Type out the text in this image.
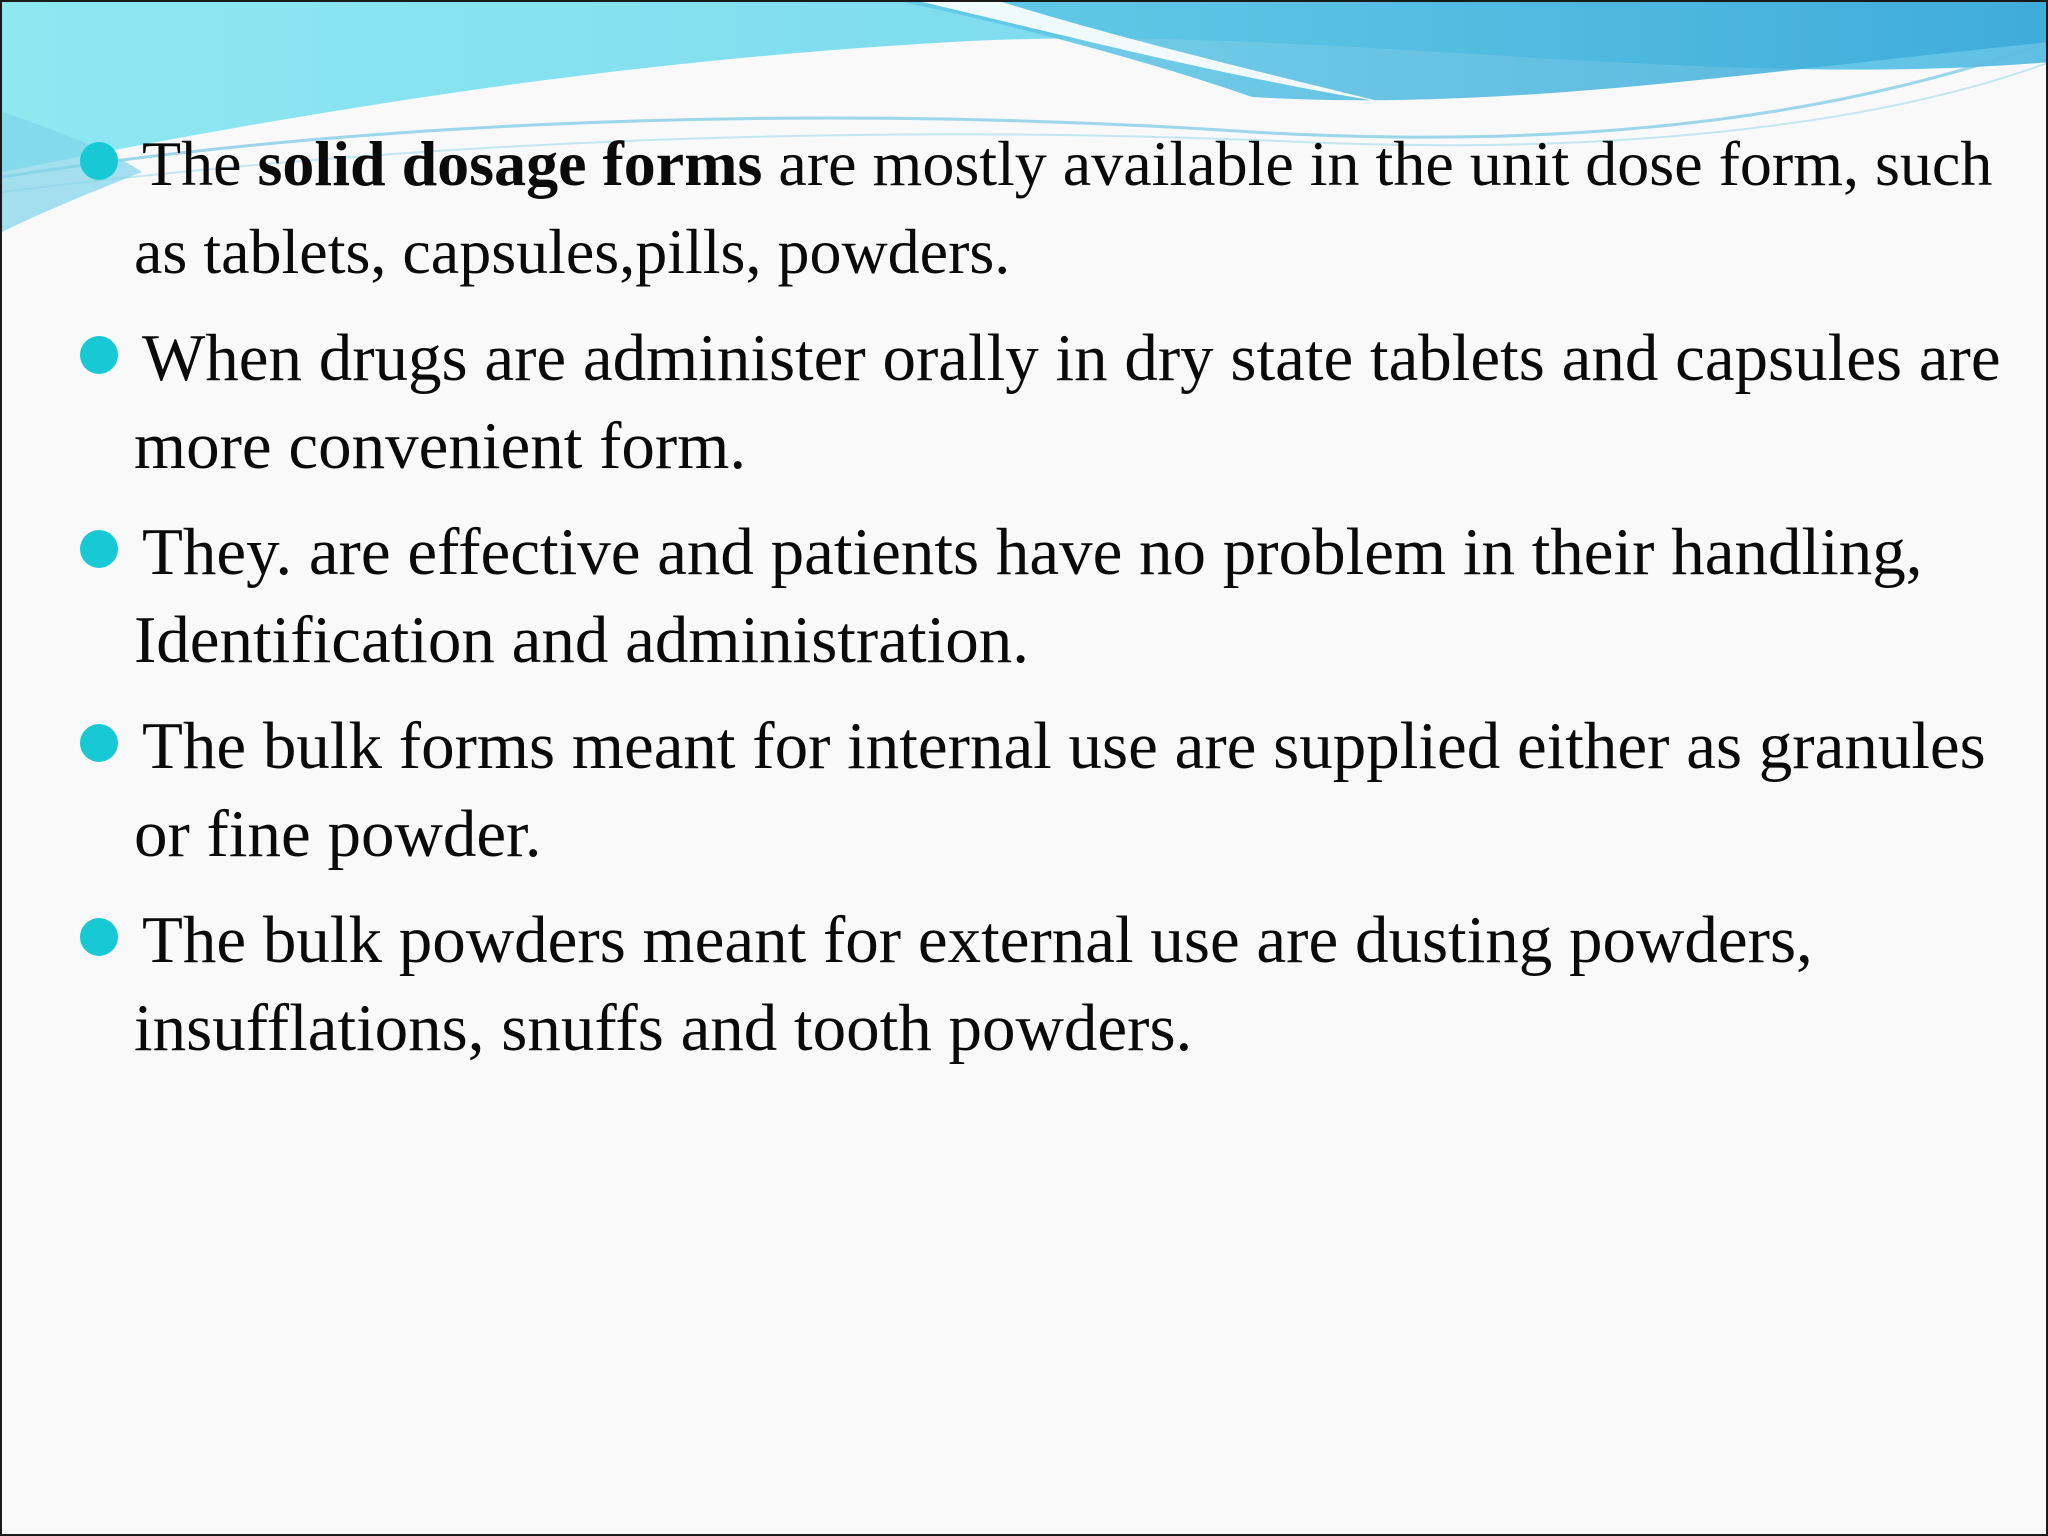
The solid dosage forms are mostly available in the unit dose form, such as tablets, capsules,pills, powders.
When drugs are administer orally in dry state tablets and capsules are more convenient form.
They. are effective and patients have no problem in their handling, Identification and administration.
The bulk forms meant for internal use are supplied either as granules or fine powder.
The bulk powders meant for external use are dusting powders, insufflations, snuffs and tooth powders.
